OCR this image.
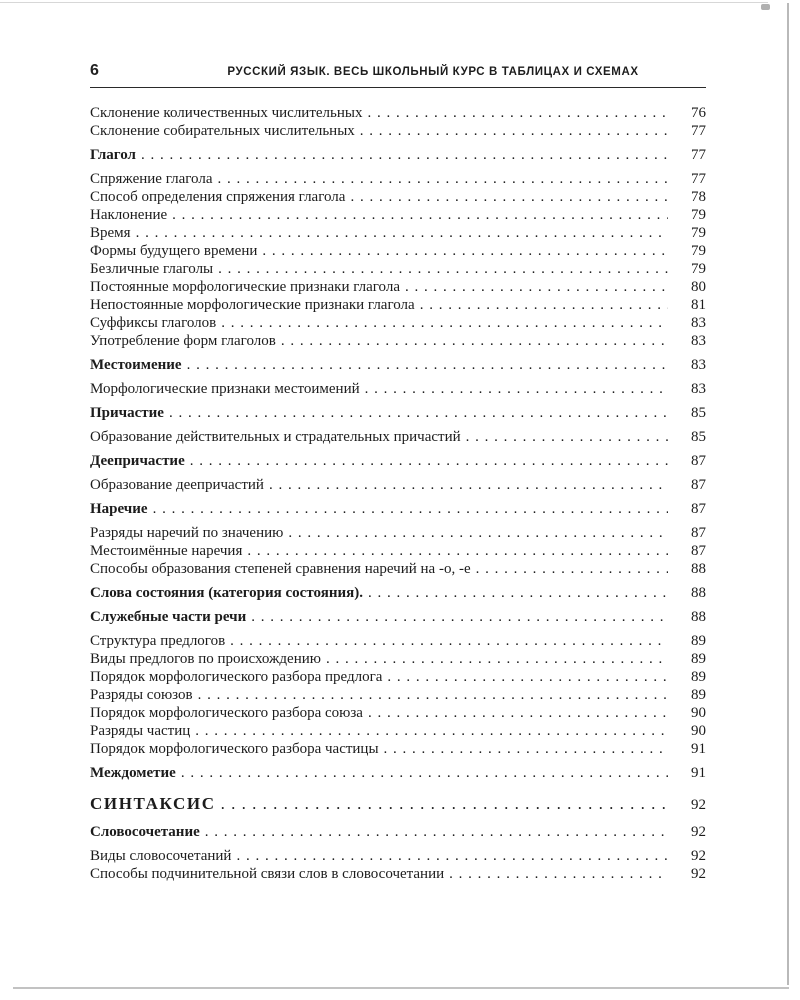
6	РУССКИЙ ЯЗЫК. ВЕСЬ ШКОЛЬНЫЙ КУРС В ТАБЛИЦАХ И СХЕМАХ
Склонение количественных числительных . . .	76
Склонение собирательных числительных . . .	77
Глагол . . .	77
Спряжение глагола . . .	77
Способ определения спряжения глагола . . .	78
Наклонение . . .	79
Время . . .	79
Формы будущего времени . . .	79
Безличные глаголы . . .	79
Постоянные морфологические признаки глагола . . .	80
Непостоянные морфологические признаки глагола . . .	81
Суффиксы глаголов . . .	83
Употребление форм глаголов . . .	83
Местоимение . . .	83
Морфологические признаки местоимений . . .	83
Причастие . . .	85
Образование действительных и страдательных причастий . . .	85
Деепричастие . . .	87
Образование деепричастий . . .	87
Наречие . . .	87
Разряды наречий по значению . . .	87
Местоимённые наречия . . .	87
Способы образования степеней сравнения наречий на -о, -е . . .	88
Слова состояния (категория состояния). . . .	88
Служебные части речи . . .	88
Структура предлогов . . .	89
Виды предлогов по происхождению . . .	89
Порядок морфологического разбора предлога . . .	89
Разряды союзов . . .	89
Порядок морфологического разбора союза . . .	90
Разряды частиц . . .	90
Порядок морфологического разбора частицы . . .	91
Междометие . . .	91
СИНТАКСИС . . .	92
Словосочетание . . .	92
Виды словосочетаний . . .	92
Способы подчинительной связи слов в словосочетании . . .	92
